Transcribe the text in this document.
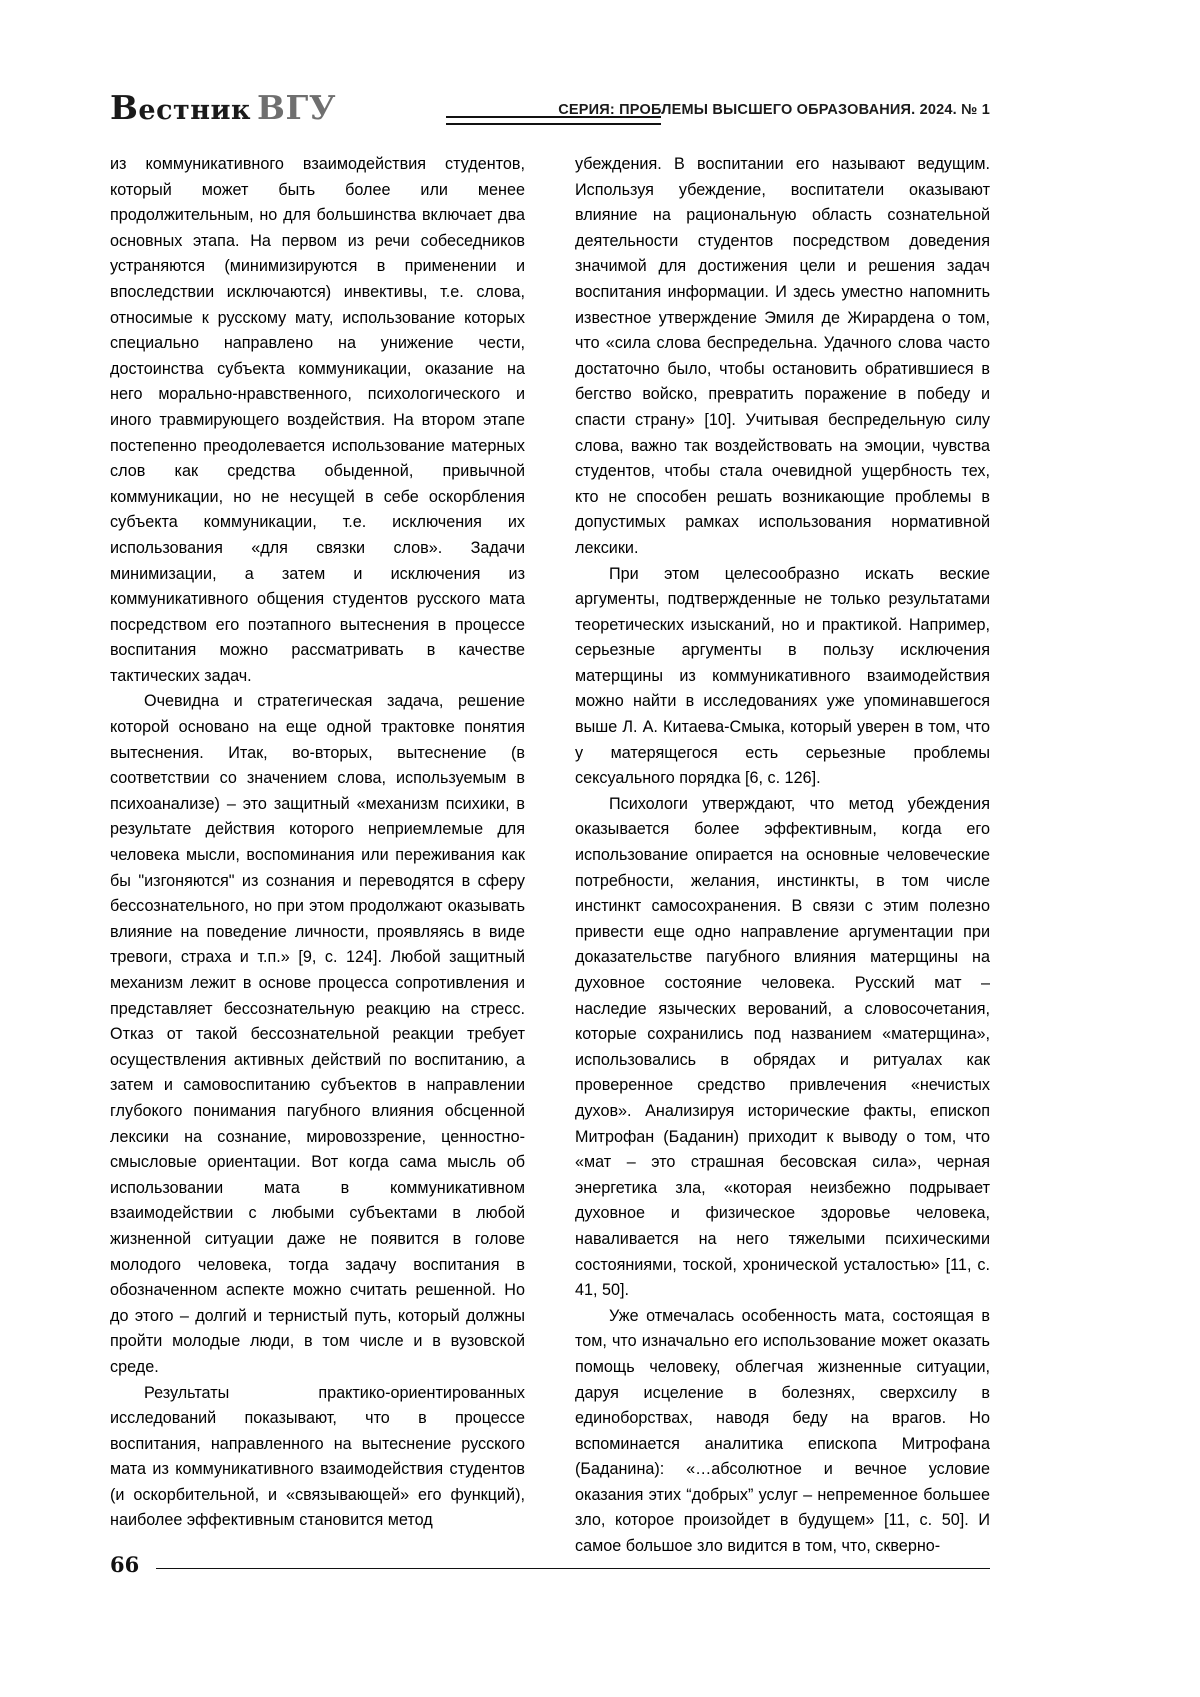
Вестник ВГУ	СЕРИЯ: ПРОБЛЕМЫ ВЫСШЕГО ОБРАЗОВАНИЯ. 2024. № 1

из коммуникативного взаимодействия студентов, который может быть более или менее продолжительным, но для большинства включает два основных этапа. На первом из речи собеседников устраняются (минимизируются в применении и впоследствии исключаются) инвективы, т.е. слова, относимые к русскому мату, использование которых специально направлено на унижение чести, достоинства субъекта коммуникации, оказание на него морально-нравственного, психологического и иного травмирующего воздействия. На втором этапе постепенно преодолевается использование матерных слов как средства обыденной, привычной коммуникации, но не несущей в себе оскорбления субъекта коммуникации, т.е. исключения их использования «для связки слов». Задачи минимизации, а затем и исключения из коммуникативного общения студентов русского мата посредством его поэтапного вытеснения в процессе воспитания можно рассматривать в качестве тактических задач.

Очевидна и стратегическая задача, решение которой основано на еще одной трактовке понятия вытеснения. Итак, во-вторых, вытеснение (в соответствии со значением слова, используемым в психоанализе) – это защитный «механизм психики, в результате действия которого неприемлемые для человека мысли, воспоминания или переживания как бы "изгоняются" из сознания и переводятся в сферу бессознательного, но при этом продолжают оказывать влияние на поведение личности, проявляясь в виде тревоги, страха и т.п.» [9, с. 124]. Любой защитный механизм лежит в основе процесса сопротивления и представляет бессознательную реакцию на стресс. Отказ от такой бессознательной реакции требует осуществления активных действий по воспитанию, а затем и самовоспитанию субъектов в направлении глубокого понимания пагубного влияния обсценной лексики на сознание, мировоззрение, ценностно-смысловые ориентации. Вот когда сама мысль об использовании мата в коммуникативном взаимодействии с любыми субъектами в любой жизненной ситуации даже не появится в голове молодого человека, тогда задачу воспитания в обозначенном аспекте можно считать решенной. Но до этого – долгий и тернистый путь, который должны пройти молодые люди, в том числе и в вузовской среде.

Результаты практико-ориентированных исследований показывают, что в процессе воспитания, направленного на вытеснение русского мата из коммуникативного взаимодействия студентов (и оскорбительной, и «связывающей» его функций), наиболее эффективным становится метод

убеждения. В воспитании его называют ведущим. Используя убеждение, воспитатели оказывают влияние на рациональную область сознательной деятельности студентов посредством доведения значимой для достижения цели и решения задач воспитания информации. И здесь уместно напомнить известное утверждение Эмиля де Жирардена о том, что «сила слова беспредельна. Удачного слова часто достаточно было, чтобы остановить обратившиеся в бегство войско, превратить поражение в победу и спасти страну» [10]. Учитывая беспредельную силу слова, важно так воздействовать на эмоции, чувства студентов, чтобы стала очевидной ущербность тех, кто не способен решать возникающие проблемы в допустимых рамках использования нормативной лексики.

При этом целесообразно искать веские аргументы, подтвержденные не только результатами теоретических изысканий, но и практикой. Например, серьезные аргументы в пользу исключения матерщины из коммуникативного взаимодействия можно найти в исследованиях уже упоминавшегося выше Л. А. Китаева-Смыка, который уверен в том, что у матерящегося есть серьезные проблемы сексуального порядка [6, с. 126].

Психологи утверждают, что метод убеждения оказывается более эффективным, когда его использование опирается на основные человеческие потребности, желания, инстинкты, в том числе инстинкт самосохранения. В связи с этим полезно привести еще одно направление аргументации при доказательстве пагубного влияния матерщины на духовное состояние человека. Русский мат – наследие языческих верований, а словосочетания, которые сохранились под названием «матерщина», использовались в обрядах и ритуалах как проверенное средство привлечения «нечистых духов». Анализируя исторические факты, епископ Митрофан (Баданин) приходит к выводу о том, что «мат – это страшная бесовская сила», черная энергетика зла, «которая неизбежно подрывает духовное и физическое здоровье человека, наваливается на него тяжелыми психическими состояниями, тоской, хронической усталостью» [11, с. 41, 50].

Уже отмечалась особенность мата, состоящая в том, что изначально его использование может оказать помощь человеку, облегчая жизненные ситуации, даруя исцеление в болезнях, сверхсилу в единоборствах, наводя беду на врагов. Но вспоминается аналитика епископа Митрофана (Баданина): «…абсолютное и вечное условие оказания этих “добрых” услуг – непременное большее зло, которое произойдет в будущем» [11, с. 50]. И самое большое зло видится в том, что, скверно-

66
